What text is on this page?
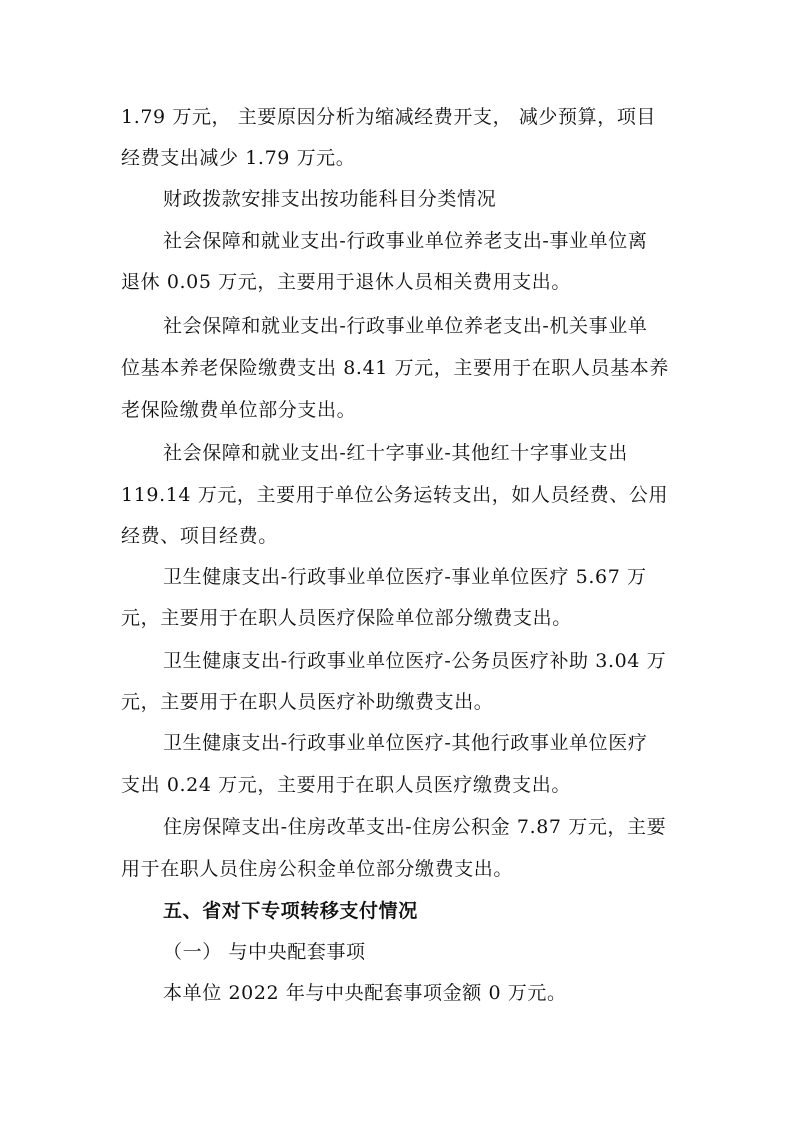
1.79 万元， 主要原因分析为缩减经费开支， 减少预算，项目
经费支出减少 1.79 万元。
财政拨款安排支出按功能科目分类情况
社会保障和就业支出-行政事业单位养老支出-事业单位离
退休 0.05 万元，主要用于退休人员相关费用支出。
社会保障和就业支出-行政事业单位养老支出-机关事业单
位基本养老保险缴费支出 8.41 万元，主要用于在职人员基本养
老保险缴费单位部分支出。
社会保障和就业支出-红十字事业-其他红十字事业支出
119.14 万元，主要用于单位公务运转支出，如人员经费、公用
经费、项目经费。
卫生健康支出-行政事业单位医疗-事业单位医疗 5.67 万
元，主要用于在职人员医疗保险单位部分缴费支出。
卫生健康支出-行政事业单位医疗-公务员医疗补助 3.04 万
元，主要用于在职人员医疗补助缴费支出。
卫生健康支出-行政事业单位医疗-其他行政事业单位医疗
支出 0.24 万元，主要用于在职人员医疗缴费支出。
住房保障支出-住房改革支出-住房公积金 7.87 万元，主要
用于在职人员住房公积金单位部分缴费支出。
五、省对下专项转移支付情况
（一） 与中央配套事项
本单位 2022 年与中央配套事项金额 0 万元。
